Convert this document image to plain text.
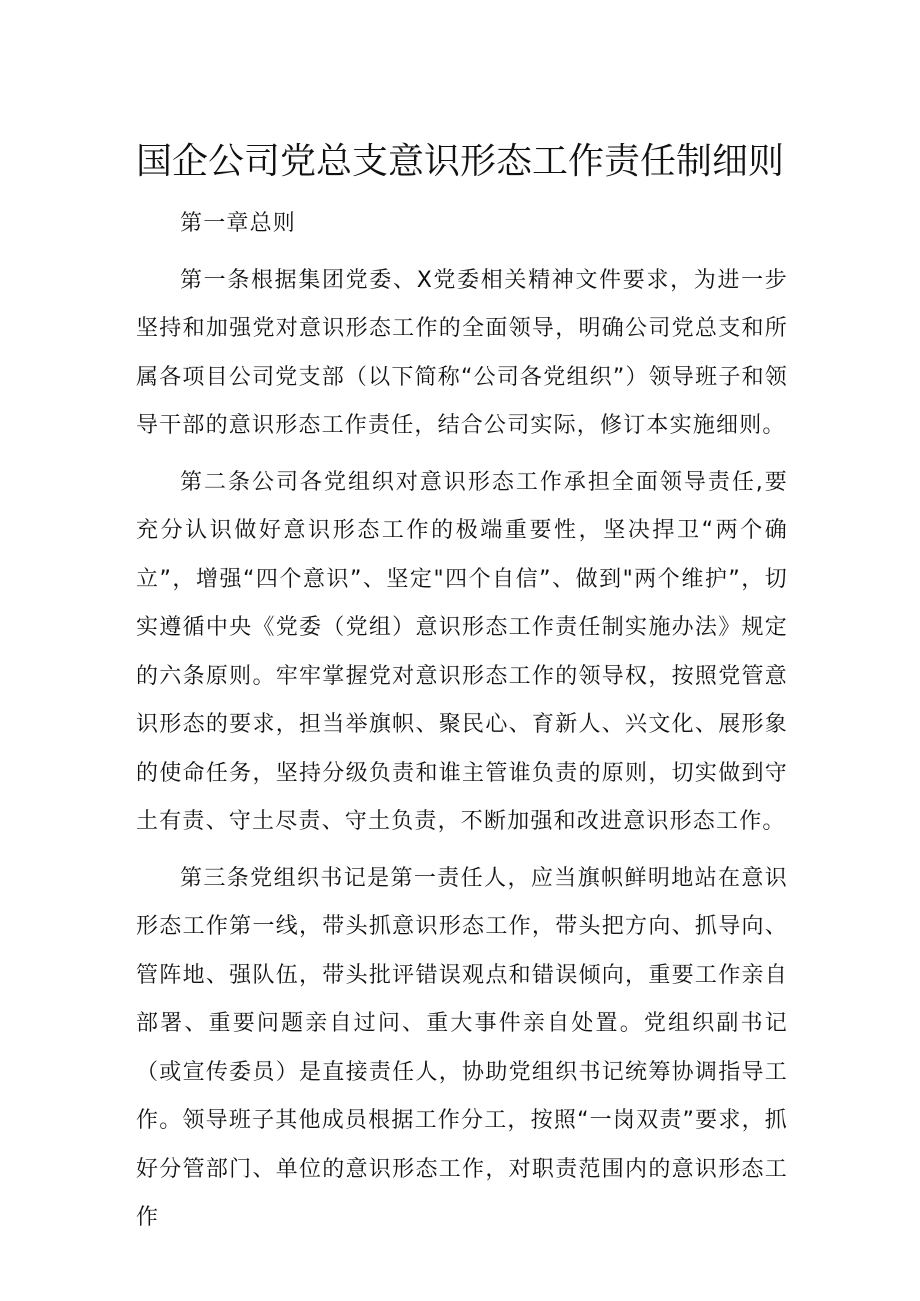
国企公司党总支意识形态工作责任制细则

第一章总则

第一条根据集团党委、X党委相关精神文件要求，为进一步坚持和加强党对意识形态工作的全面领导，明确公司党总支和所属各项目公司党支部（以下简称“公司各党组织”）领导班子和领导干部的意识形态工作责任，结合公司实际，修订本实施细则。

第二条公司各党组织对意识形态工作承担全面领导责任,要充分认识做好意识形态工作的极端重要性，坚决捍卫“两个确立”，增强“四个意识”、坚定"四个自信”、做到"两个维护”，切实遵循中央《党委（党组）意识形态工作责任制实施办法》规定的六条原则。牢牢掌握党对意识形态工作的领导权，按照党管意识形态的要求，担当举旗帜、聚民心、育新人、兴文化、展形象的使命任务，坚持分级负责和谁主管谁负责的原则，切实做到守土有责、守土尽责、守土负责，不断加强和改进意识形态工作。

第三条党组织书记是第一责任人，应当旗帜鲜明地站在意识形态工作第一线，带头抓意识形态工作，带头把方向、抓导向、管阵地、强队伍，带头批评错误观点和错误倾向，重要工作亲自部署、重要问题亲自过问、重大事件亲自处置。党组织副书记（或宣传委员）是直接责任人，协助党组织书记统筹协调指导工作。领导班子其他成员根据工作分工，按照“一岗双责”要求，抓好分管部门、单位的意识形态工作，对职责范围内的意识形态工作
